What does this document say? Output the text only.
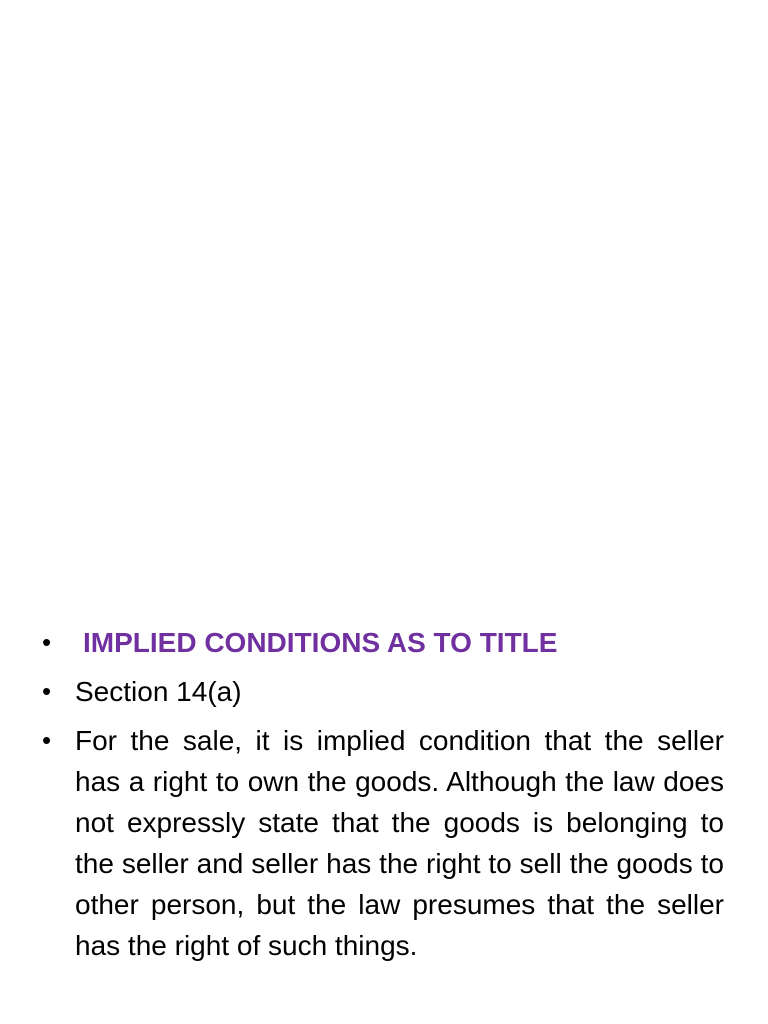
• IMPLIED CONDITIONS AS TO TITLE
• Section 14(a)
• For the sale, it is implied condition that the seller has a right to own the goods. Although the law does not expressly state that the goods is belonging to the seller and seller has the right to sell the goods to other person, but the law presumes that the seller has the right of such things.
